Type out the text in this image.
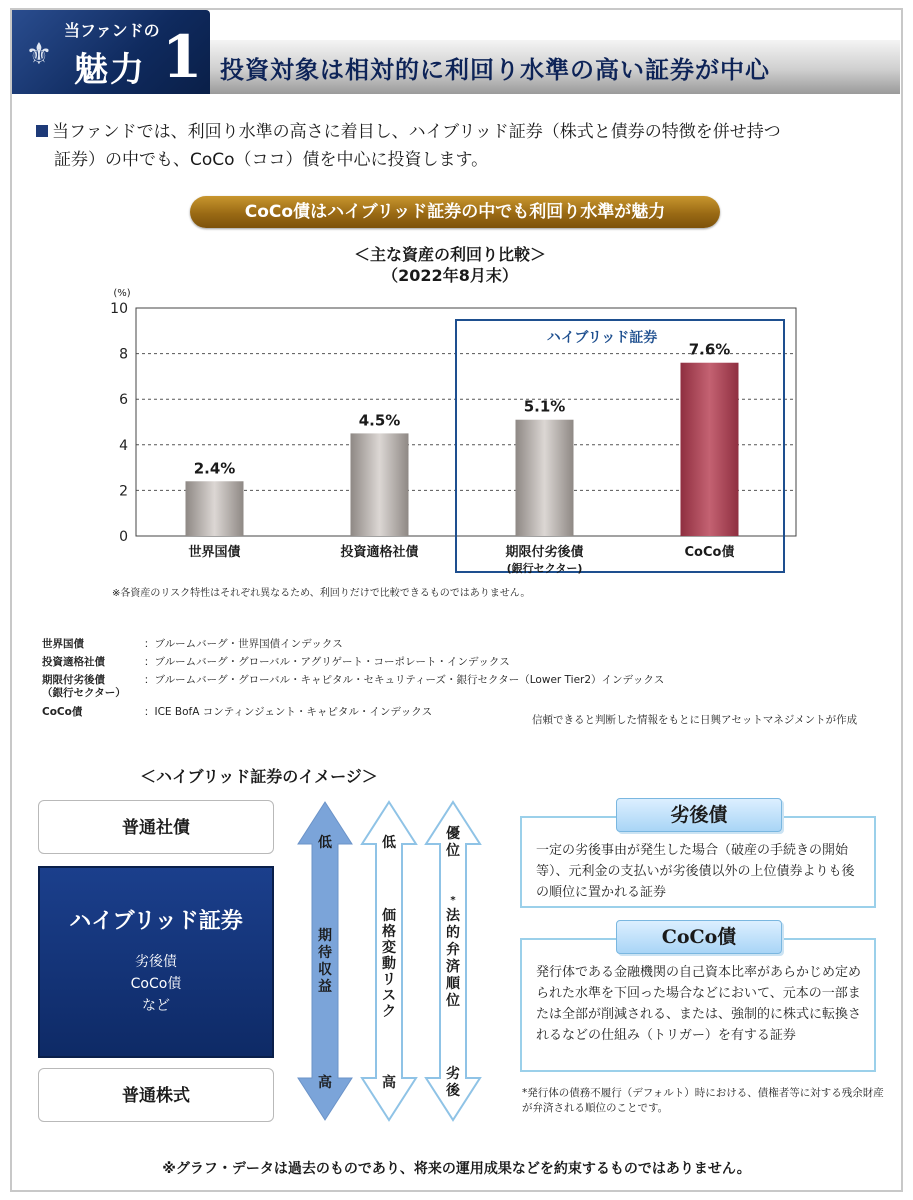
⚜
当ファンドの
魅力 1 投資対象は相対的に利回り水準の高い証券が中心
当ファンドでは、利回り水準の高さに着目し、ハイブリッド証券（株式と債券の特徴を併せ持つ
証券）の中でも、CoCo（ココ）債を中心に投資します。
CoCo債はハイブリッド証券の中でも利回り水準が魅力
＜主な資産の利回り比較＞
（2022年8月末）
(%)
0
2
4
6
8
10
ハイブリッド証券
2.4%
世界国債
4.5%
投資適格社債
5.1%
期限付劣後債
(銀行セクター)
7.6%
CoCo債
※各資産のリスク特性はそれぞれ異なるため、利回りだけで比較できるものではありません。
世界国債	：ブルームバーグ・世界国債インデックス
投資適格社債	：ブルームバーグ・グローバル・アグリゲート・コーポレート・インデックス
期限付劣後債
（銀行セクター）
：ブルームバーグ・グローバル・キャピタル・セキュリティーズ・銀行セクター（Lower Tier2）インデックス
CoCo債	：ICE BofA コンティンジェント・キャピタル・インデックス
信頼できると判断した情報をもとに日興アセットマネジメントが作成
＜ハイブリッド証券のイメージ＞
普通社債
ハイブリッド証券
劣後債
CoCo債
など
普通株式
低
期
待
収
益
高
低
価
格
変
動
リ
ス
ク
高
優
位
*
法
的
弁
済
順
位
劣
後
一定の劣後事由が発生した場合（破産の手続きの開始等）、元利金の支払いが劣後債以外の上位債券よりも後の順位に置かれる証券
劣後債
発行体である金融機関の自己資本比率があらかじめ定められた水準を下回った場合などにおいて、元本の一部または全部が削減される、または、強制的に株式に転換されるなどの仕組み（トリガー）を有する証券
CoCo債
*発行体の債務不履行（デフォルト）時における、債権者等に対する残余財産が弁済される順位のことです。
※グラフ・データは過去のものであり、将来の運用成果などを約束するものではありません。
